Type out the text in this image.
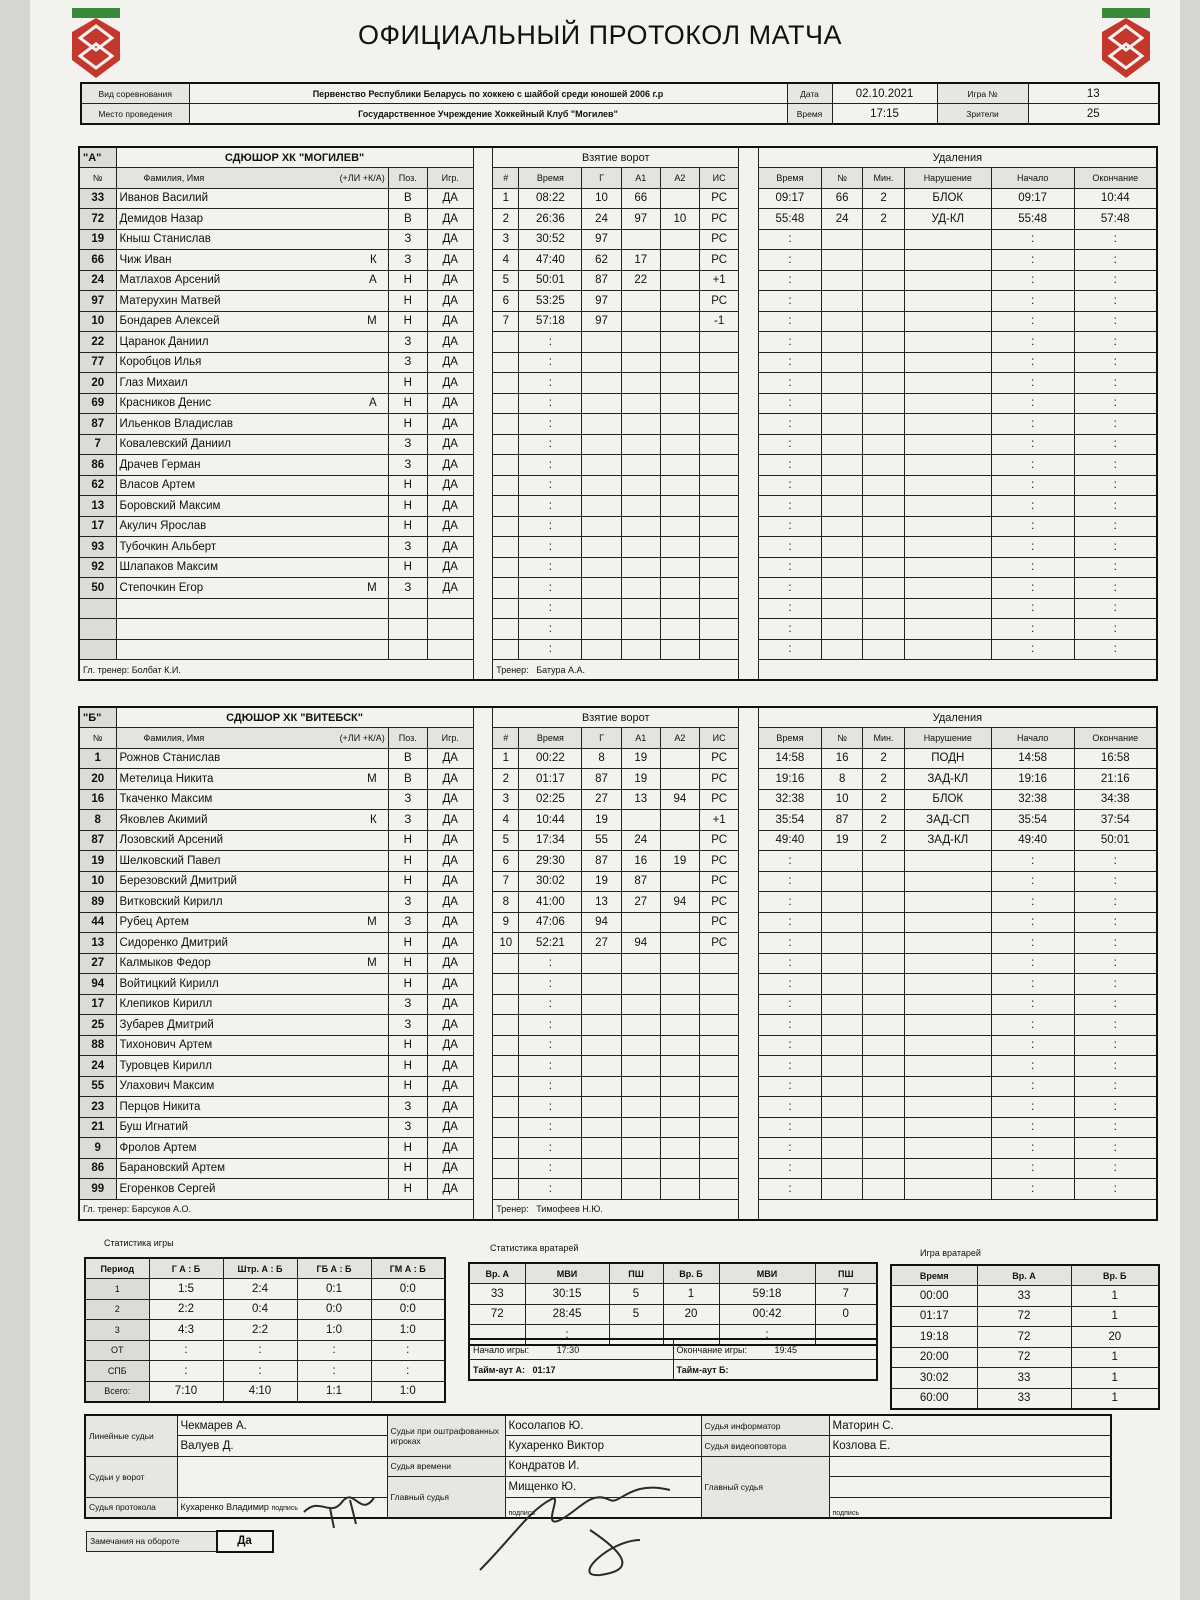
ОФИЦИАЛЬНЫЙ ПРОТОКОЛ МАТЧА
Вид соревнования	Первенство Республики Беларусь по хоккею с шайбой среди юношей 2006 г.р	Дата	02.10.2021	Игра №	13
Место проведения	Государственное Учреждение Хоккейный Клуб "Могилев"	Время	17:15	Зрители	25
"А"	СДЮШОР ХК "МОГИЛЕВ"				Взятие ворот							Удаления					
№	Фамилия, Имя (+ЛИ +К/А)	Поз.	Игр.		#	Время	Г	А1	А2	ИС		Время	№	Мин.	Нарушение	Начало	Окончание
33	Иванов Василий	В	ДА		1	08:22	10	66		РС		09:17	66	2	БЛОК	09:17	10:44
72	Демидов Назар	В	ДА		2	26:36	24	97	10	РС		55:48	24	2	УД-КЛ	55:48	57:48
19	Кныш Станислав	З	ДА		3	30:52	97			РС		:				:	:
66	Чиж Иван К	З	ДА		4	47:40	62	17		РС		:				:	:
24	Матлахов Арсений А	Н	ДА		5	50:01	87	22		+1		:				:	:
97	Матерухин Матвей	Н	ДА		6	53:25	97			РС		:				:	:
10	Бондарев Алексей М	Н	ДА		7	57:18	97			-1		:				:	:
22	Царанок Даниил	З	ДА			:						:				:	:
77	Коробцов Илья	З	ДА			:						:				:	:
20	Глаз Михаил	Н	ДА			:						:				:	:
69	Красников Денис А	Н	ДА			:						:				:	:
87	Ильенков Владислав	Н	ДА			:						:				:	:
7	Ковалевский Даниил	З	ДА			:						:				:	:
86	Драчев Герман	З	ДА			:						:				:	:
62	Власов Артем	Н	ДА			:						:				:	:
13	Боровский Максим	Н	ДА			:						:				:	:
17	Акулич Ярослав	Н	ДА			:						:				:	:
93	Тубочкин Альберт	З	ДА			:						:				:	:
92	Шлапаков Максим	Н	ДА			:						:				:	:
50	Степочкин Егор М	З	ДА			:						:				:	:
						:						:				:	:
						:						:				:	:
						:						:				:	:
Гл. тренер: Болбат К.И.					Тренер: Батура А.А.												
"Б"	СДЮШОР ХК "ВИТЕБСК"				Взятие ворот							Удаления					
№	Фамилия, Имя (+ЛИ +К/А)	Поз.	Игр.		#	Время	Г	А1	А2	ИС		Время	№	Мин.	Нарушение	Начало	Окончание
1	Рожнов Станислав	В	ДА		1	00:22	8	19		РС		14:58	16	2	ПОДН	14:58	16:58
20	Метелица Никита М	В	ДА		2	01:17	87	19		РС		19:16	8	2	ЗАД-КЛ	19:16	21:16
16	Ткаченко Максим	З	ДА		3	02:25	27	13	94	РС		32:38	10	2	БЛОК	32:38	34:38
8	Яковлев Акимий К	З	ДА		4	10:44	19			+1		35:54	87	2	ЗАД-СП	35:54	37:54
87	Лозовский Арсений	Н	ДА		5	17:34	55	24		РС		49:40	19	2	ЗАД-КЛ	49:40	50:01
19	Шелковский Павел	Н	ДА		6	29:30	87	16	19	РС		:				:	:
10	Березовский Дмитрий	Н	ДА		7	30:02	19	87		РС		:				:	:
89	Витковский Кирилл	З	ДА		8	41:00	13	27	94	РС		:				:	:
44	Рубец Артем М	З	ДА		9	47:06	94			РС		:				:	:
13	Сидоренко Дмитрий	Н	ДА		10	52:21	27	94		РС		:				:	:
27	Калмыков Федор М	Н	ДА			:						:				:	:
94	Войтицкий Кирилл	Н	ДА			:						:				:	:
17	Клепиков Кирилл	З	ДА			:						:				:	:
25	Зубарев Дмитрий	З	ДА			:						:				:	:
88	Тихонович Артем	Н	ДА			:						:				:	:
24	Туровцев Кирилл	Н	ДА			:						:				:	:
55	Улахович Максим	Н	ДА			:						:				:	:
23	Перцов Никита	З	ДА			:						:				:	:
21	Буш Игнатий	З	ДА			:						:				:	:
9	Фролов Артем	Н	ДА			:						:				:	:
86	Барановский Артем	Н	ДА			:						:				:	:
99	Егоренков Сергей	Н	ДА			:						:				:	:
Гл. тренер: Барсуков А.О.					Тренер: Тимофеев Н.Ю.												
Статистика игры
Период	Г А : Б	Штр. А : Б	ГБ А : Б	ГМ А : Б
1	1:5	2:4	0:1	0:0
2	2:2	0:4	0:0	0:0
3	4:3	2:2	1:0	1:0
ОТ	:	:	:	:
СПБ	:	:	:	:
Всего:	7:10	4:10	1:1	1:0
Статистика вратарей
Вр. А	МВИ	ПШ	Вр. Б	МВИ	ПШ
33	30:15	5	1	59:18	7
72	28:45	5	20	00:42	0
	:			:	
Начало игры: 17:30	Окончание игры: 19:45
Тайм-аут А: 01:17	Тайм-аут Б:
Игра вратарей
Время	Вр. А	Вр. Б
00:00	33	1
01:17	72	1
19:18	72	20
20:00	72	1
30:02	33	1
60:00	33	1
Линейные судьи	Чекмарев А.	Судьи при оштрафованных игроках	Косолапов Ю.	Судья информатор	Маторин С.
	Валуев Д.		Кухаренко Виктор	Судья видеоповтора	Козлова Е.
Судьи у ворот		Судья времени	Кондратов И.	Главный судья	
		Главный судья	Мищенко Ю.		
Судья протокола	Кухаренко Владимир подпись		подпись		подпись
Замечания на обороте	Да
